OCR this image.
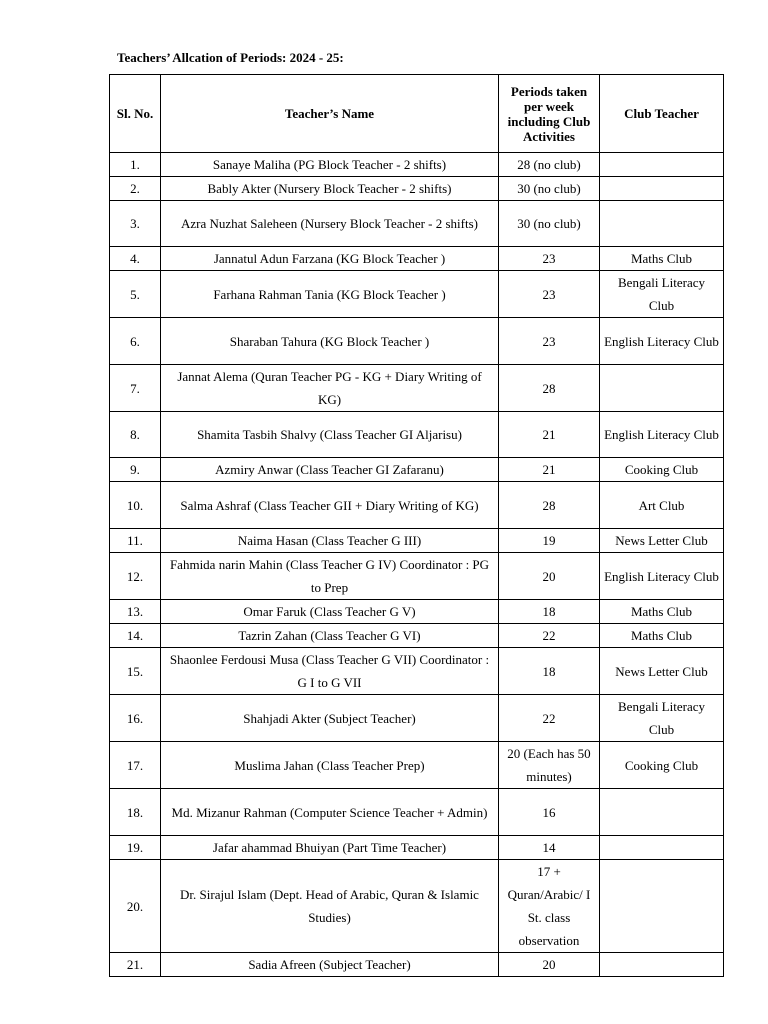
Teachers’ Allcation of Periods: 2024 - 25:
Sl. No.	Teacher’s Name	Periods taken per week including Club Activities	Club Teacher
1.	Sanaye Maliha (PG Block Teacher - 2 shifts)	28 (no club)	
2.	Bably Akter (Nursery Block Teacher - 2 shifts)	30 (no club)	
3.	Azra Nuzhat Saleheen (Nursery Block Teacher - 2 shifts)	30 (no club)	
4.	Jannatul Adun Farzana (KG Block Teacher )	23	Maths Club
5.	Farhana Rahman Tania (KG Block Teacher )	23	Bengali Literacy Club
6.	Sharaban Tahura (KG Block Teacher )	23	English Literacy Club
7.	Jannat Alema (Quran Teacher PG - KG + Diary Writing of KG)	28	
8.	Shamita Tasbih Shalvy (Class Teacher GI Aljarisu)	21	English Literacy Club
9.	Azmiry Anwar (Class Teacher GI Zafaranu)	21	Cooking Club
10.	Salma Ashraf (Class Teacher GII + Diary Writing of KG)	28	Art Club
11.	Naima Hasan (Class Teacher G III)	19	News Letter Club
12.	Fahmida narin Mahin (Class Teacher G IV) Coordinator : PG to Prep	20	English Literacy Club
13.	Omar Faruk (Class Teacher G V)	18	Maths Club
14.	Tazrin Zahan (Class Teacher G VI)	22	Maths Club
15.	Shaonlee Ferdousi Musa (Class Teacher G VII) Coordinator : G I to G VII	18	News Letter Club
16.	Shahjadi Akter (Subject Teacher)	22	Bengali Literacy Club
17.	Muslima Jahan (Class Teacher Prep)	20 (Each has 50 minutes)	Cooking Club
18.	Md. Mizanur Rahman (Computer Science Teacher + Admin)	16	
19.	Jafar ahammad Bhuiyan (Part Time Teacher)	14	
20.	Dr. Sirajul Islam (Dept. Head of Arabic, Quran & Islamic Studies)	17 + Quran/Arabic/ I St. class observation	
21.	Sadia Afreen (Subject Teacher)	20	
